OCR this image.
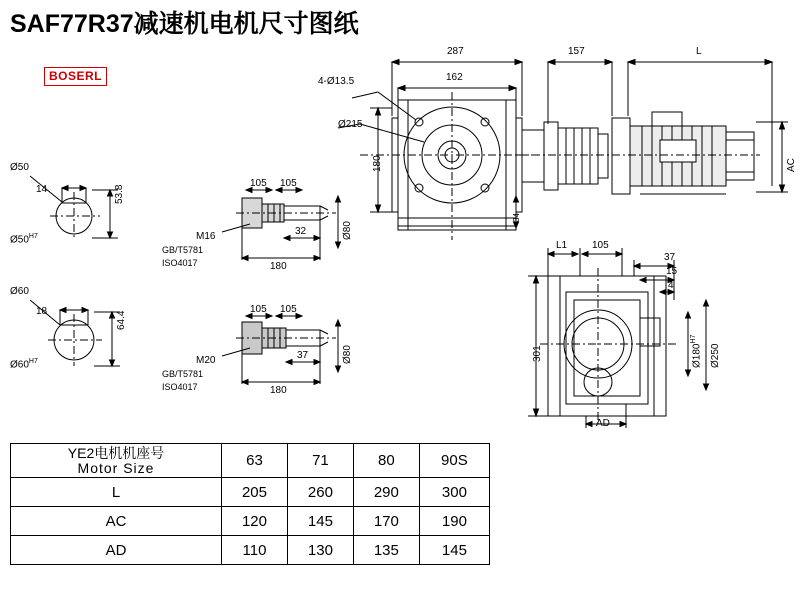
SAF77R37减速机电机尺寸图纸
BOSERL
287
162
4-Ø13.5
Ø215
180
34
157	L
AC
Ø50
14	53.8
$Ø50^{H7}$
Ø60
18	64.4
$Ø60^{H7}$
105 105
32
180
M16
GB/T5781
ISO4017
Ø80
105 105
37
180
M20
GB/T5781
ISO4017
Ø80
L1 105
37
15
4
301	$Ø180^{H7}$
Ø250
AD
YE2电机机座号
Motor Size	63	71	80	90S
L	205	260	290	300
AC	120	145	170	190
AD	110	130	135	145
